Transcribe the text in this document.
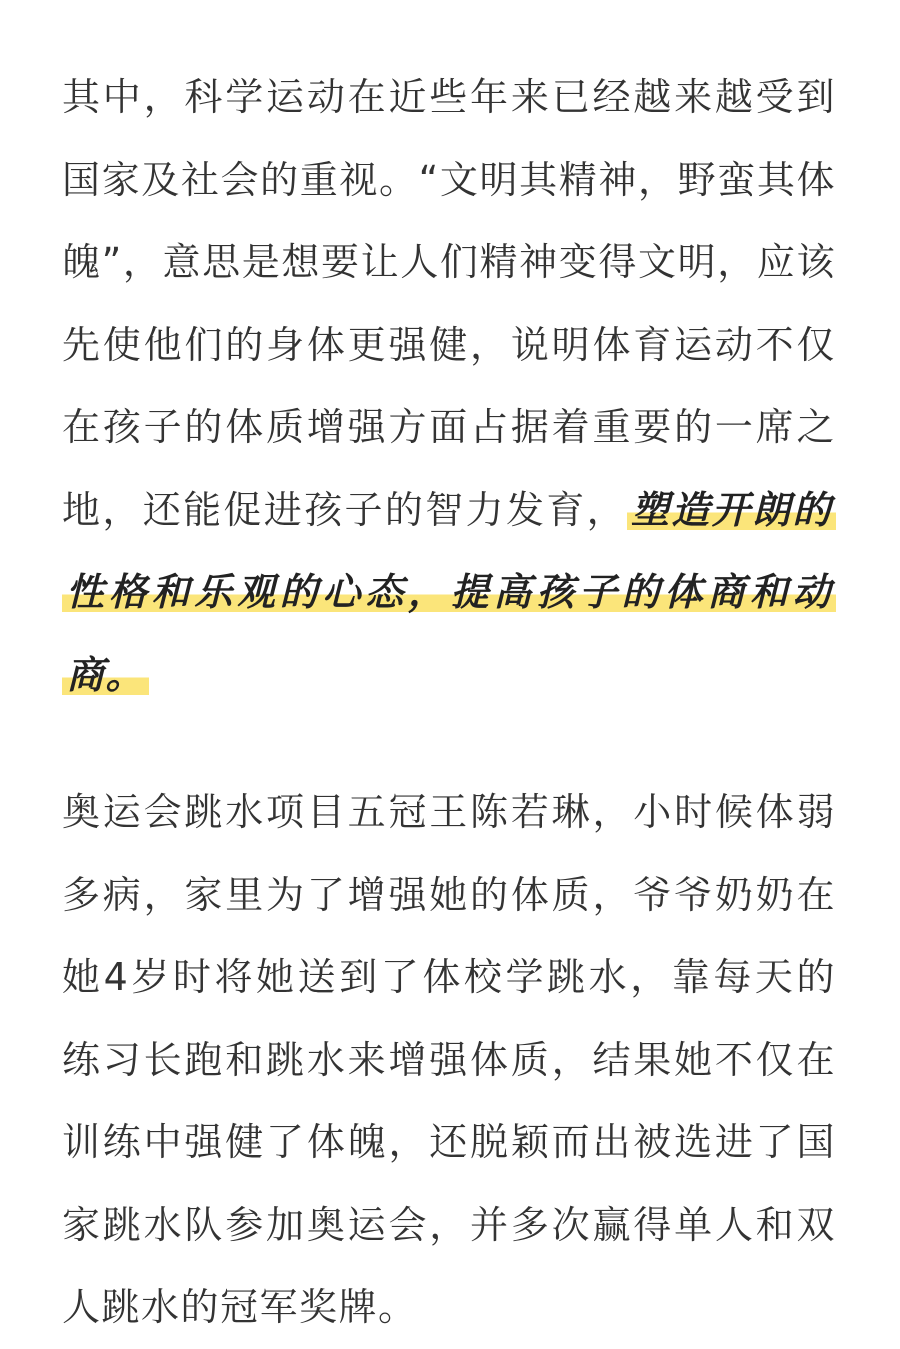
其中，科学运动在近些年来已经越来越受到国家及社会的重视。“文明其精神，野蛮其体魄”，意思是想要让人们精神变得文明，应该先使他们的身体更强健，说明体育运动不仅在孩子的体质增强方面占据着重要的一席之地，还能促进孩子的智力发育， 塑造开朗的性格和乐观的心态，提高孩子的体商和动商。

奥运会跳水项目五冠王陈若琳，小时候体弱多病，家里为了增强她的体质，爷爷奶奶在她4岁时将她送到了体校学跳水，靠每天的练习长跑和跳水来增强体质，结果她不仅在训练中强健了体魄，还脱颖而出被选进了国家跳水队参加奥运会，并多次赢得单人和双人跳水的冠军奖牌。
